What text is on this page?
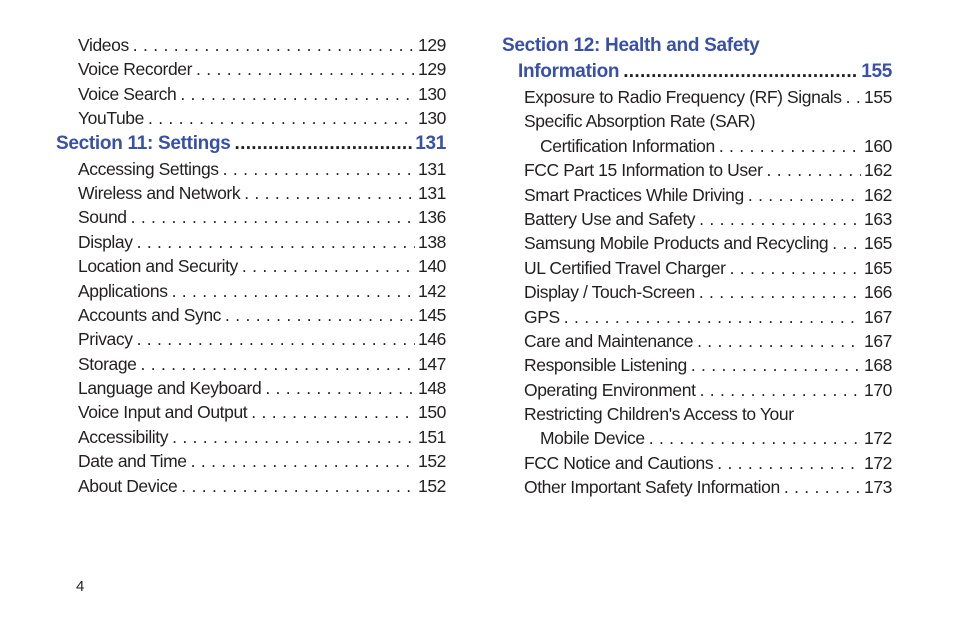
Videos . . .	129
Voice Recorder . . .	129
Voice Search . . .	130
YouTube . . .	130
Section 11: Settings .....	131
Accessing Settings . . .	131
Wireless and Network . . .	131
Sound . . .	136
Display . . .	138
Location and Security . . .	140
Applications . . .	142
Accounts and Sync . . .	145
Privacy . . .	146
Storage . . .	147
Language and Keyboard . . .	148
Voice Input and Output . . .	150
Accessibility . . .	151
Date and Time . . .	152
About Device . . .	152
Section 12: Health and Safety
Information .....	155
Exposure to Radio Frequency (RF) Signals . . . 155
Specific Absorption Rate (SAR)
Certification Information . . .	160
FCC Part 15 Information to User . . .	162
Smart Practices While Driving . . .	162
Battery Use and Safety . . .	163
Samsung Mobile Products and Recycling . . . 165
UL Certified Travel Charger . . .	165
Display / Touch-Screen . . .	166
GPS . . .	167
Care and Maintenance . . .	167
Responsible Listening . . .	168
Operating Environment . . .	170
Restricting Children's Access to Your
Mobile Device . . .	172
FCC Notice and Cautions . . .	172
Other Important Safety Information . . .	173
4
